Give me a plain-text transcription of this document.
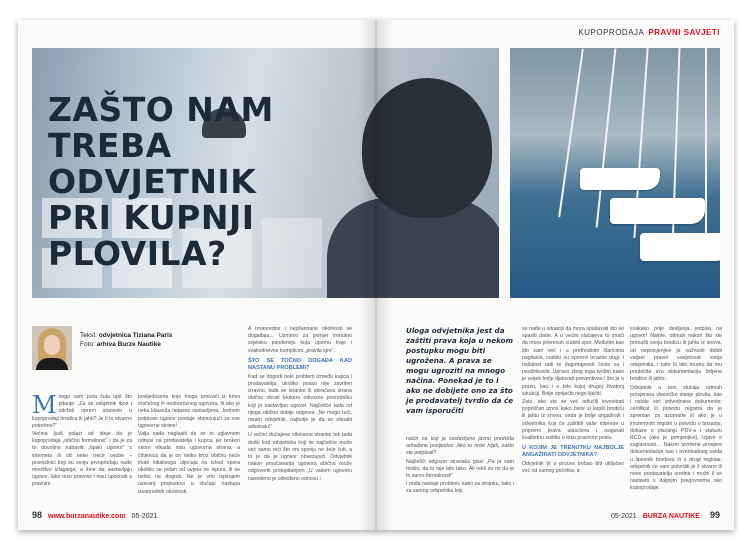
ZAŠTO NAM
TREBA
ODVJETNIK
PRI KUPNJI
PLOVILA?
KUPOPRODAJA PRAVNI SAVJETI
Tekst: odvjetnica Tiziana Paris
Foto: arhiva Burze Nautike

Mnogo sam puta čula upit što pitanje: „Za se odvjetnik ibori i održati oprem stanovlo u kupoprodaji brodica ili jahti? Je li to stvarno potrebno?“

Većina ljudi polazi od ideje da je kupoprodaja „obično formalnost“ i da je za to dovoljno nabaviti „tipski ugovor“ s interneta ili od neke treće osobe – posrednici koji su svoju prvoprodaju nude mnoštvu izlaganja, a žele da sastavljaju ugovor, lako nisu pravnici i nisu upoznati s pravnim

posljedicama koje mogu proizaći iz krivo sročenog ili nedorečenog ugovora, ili ako je neka klauzula nejasno sastavljena. Jednom potpisan ugovor postaje obvezujući za sve ugovorne strane!

Valja sada naglasiti da se to uglavnom odnosi na prodavatelja i kupca, jer brokeri skoro nikada nisu ugovorna strana, a činjenica da je on netko kroz običnu neće imati nikakvoga utjecaja na ishod spora ukoliko se jedan od uvjeta ne ispuni, ili se nešto ne dogodi. Ne je vrlo ispirujem ozeranj propustovi u slučaju nastupa izvanrednih okolnosti.

A izvanredne i nepllanirane okolnosti se događaju… Uzmimo za primjer trenutno svjetsku pandemiju koja upornu traje i svakodnevno komplicira „pravila igre“.

ŠTO SE TOČNO DOGAĐA KAD NASTANU PROBLEMI?

Kad se dogodi neki problem između kupca i prodavatelja, ukoliko posao nije završen izravno, tada se stranke ili obraćuna strana obično obrati brokeru odnosno posredniku koji je sastavljao ugovor. Najčešće tada od njega obično dobije odgovor „Ne mogu reći, nisam odvjetnik, najbolje je da se obratiti advokatu!“

U većini slučajeva otkrivene stranke tek tada dođu kod odvjetnika koji im najčešće može već samo reći što oni sporiju ne žele čuti, a to je da je ugovor obvezujući. Odvjetnik nakon proučavanja ugovora obično može odgovoriti protupitanjem „U vašem ugovoru navedeno je određeno odnosu i

Uloga odvjetnika jest da zaštiti prava koja u nekom postupku mogu biti ugrožena. A prava se mogu ugroziti na mnogo načina. Ponekad je to i ako ne dobijete ono za što je prodavatelj tvrdio da će vam isporučiti

način na koji je sastavljeno jasno predviđa određene posljedice. Ako to niste htjeli, zašto ste potpisali?

Najčešći odgovor stranaka glasi „Pa ja sam mislio, da to nije bilo tako. Ali rekli su mi da je to samo formalnost!“

I onda nastaje problem, kako za stranku, tako i za samog odvjetnika koji

se nađe u situaciji da mora spašavati što se spasiti dade. A u većini slučajeva to znači da mora pokrenuti sudski spor. Međutim kao što sam već i u prethodnim člancima naglasila, sudski su sporovi izrazito dugi, i nažalost radi te dugotrajnosti često su i neučinkoviti. Upravo zbog toga tvrdim kako je uvijek bolje djelovati preventivno i što je u pravu, kao i u bilo kojoj drugoj životnoj situaciji. Bolje spriječiti nego liječiti.

Zato, ako ste se već odlučili investirati popriličan iznos kako biste si kupili brodicu ili jahtu iz snova, onda je bolje angažirati i odvjetnika koji će zaštititi vaše interese u pripremi prava ulasćivna i osiguratt kvalitetnu zaštitu u toku pravnom poslu.

U KOJIM JE TRENUTKU NAJBOLJE ANGAŽIRATI ODVJETNIKA?

Odvjetnik bi u proces trebao biti uključen već od samog početka, a

svakako prije davljanja potpisa na ugovor! Naime, odmah nakon što ste pronašli svoju brodicu ili jahtu iz snova, od neprocjenjive je važnosti dobiti valjani pravni savjetovat svoja odvjetnika, i zato bi bilo mudro da mu predočite svu dokumentaciju željene brodice ili jahte.

Odvjetnik u tom slučaju odmah provjerava vlasničko stanje plovila, kao i ostale već izdvodnave dokumente: certifikat ili potvrdu registra da je spreman za azurnarle ili ako je u inozemnim registri u potvrdu o brisanju, dokaze o plaćanju PDV-a i statusu RCD-a (ako je primjenjivo), izjave o suglasnosti… Nakon izvršene provjere dokumentacije kao i eventualnog uvida u lipesnik brodova ili u drugi registar, odvjetnik će vam potvrditi je li stvarni ili nove prodavatelja uredna i može li se nastaviti s daljnjim pregovorima oko kupoprodaje.

98 www.burzanautike.com 05-2021	05-2021 BURZA NAUTIKE 99
